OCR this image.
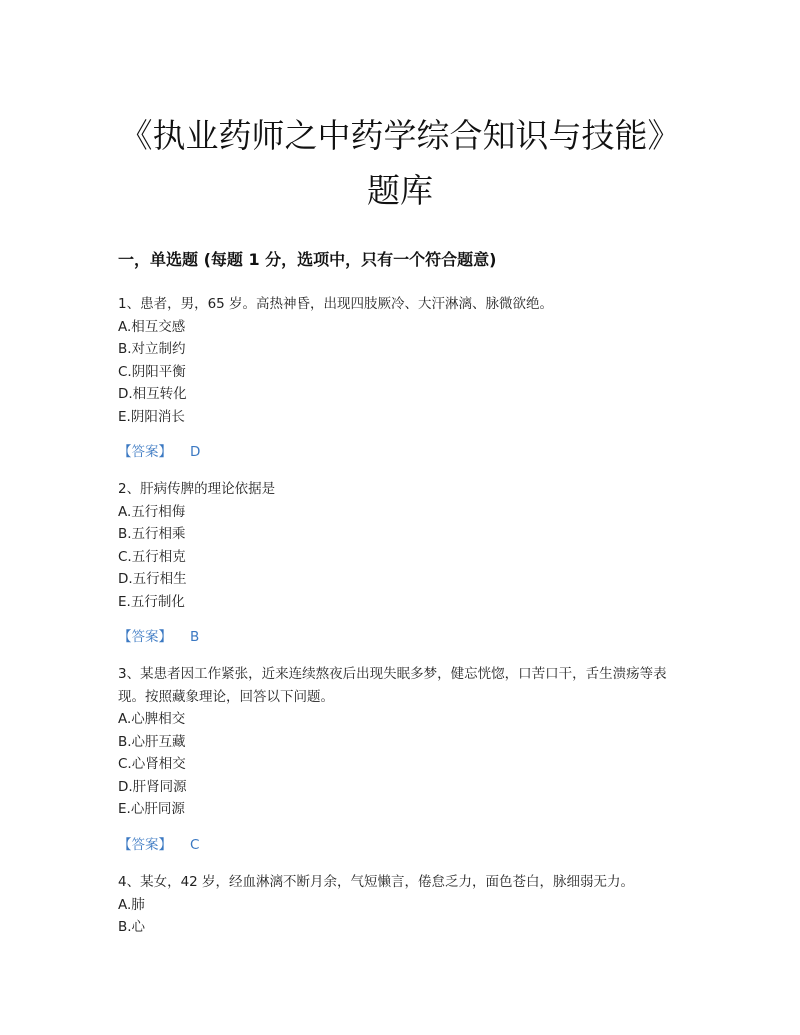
《执业药师之中药学综合知识与技能》题库
一，单选题 (每题 1 分，选项中，只有一个符合题意)

1、患者，男，65 岁。高热神昏，出现四肢厥冷、大汗淋漓、脉微欲绝。

A.相互交感
B.对立制约
C.阴阳平衡
D.相互转化
E.阴阳消长
【答案】 D

2、肝病传脾的理论依据是

A.五行相侮
B.五行相乘
C.五行相克
D.五行相生
E.五行制化
【答案】 B

3、某患者因工作紧张，近来连续熬夜后出现失眠多梦，健忘恍惚，口苦口干，舌生溃疡等表现。按照藏象理论，回答以下问题。

A.心脾相交
B.心肝互藏
C.心肾相交
D.肝肾同源
E.心肝同源
【答案】 C

4、某女，42 岁，经血淋漓不断月余，气短懒言，倦怠乏力，面色苍白，脉细弱无力。

A.肺
B.心
